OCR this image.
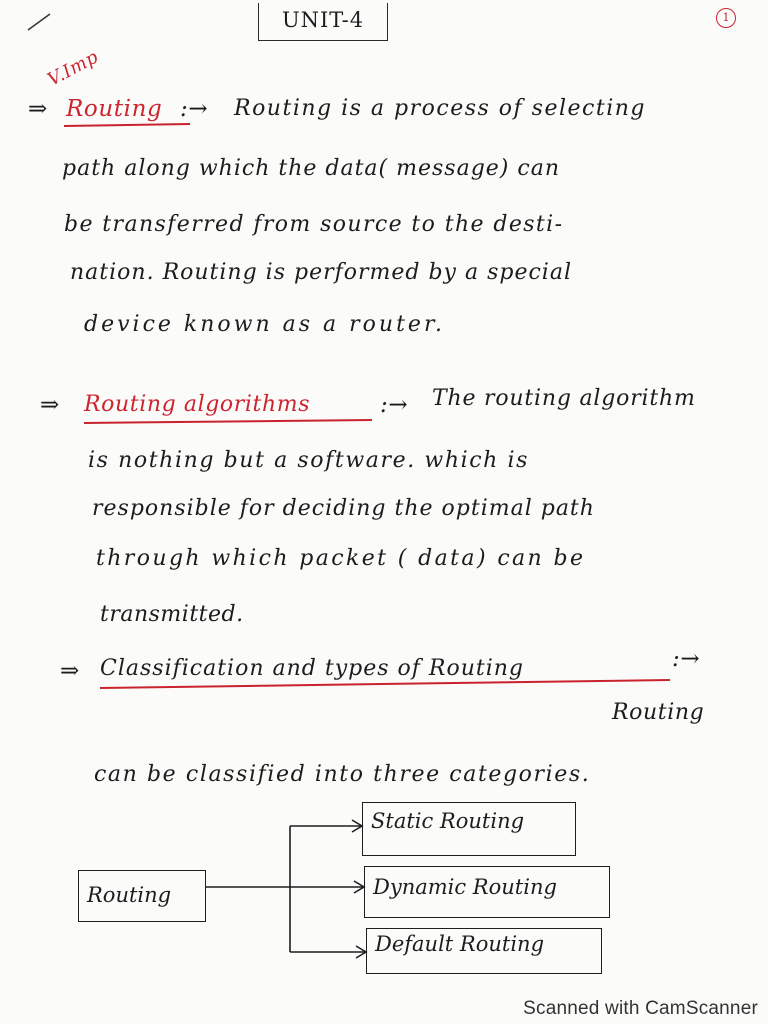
UNIT-4	1
V.Imp
⇒ Routing :→ Routing is a process of selecting
path along which the data( message) can
be transferred from source to the desti-
nation. Routing is performed by a special
device known as a router.
⇒ Routing algorithms	:→ The routing algorithm
is nothing but a software. which is
responsible for deciding the optimal path
through which packet ( data) can be
transmitted.
⇒ Classification and types of Routing	:→
Routing
can be classified into three categories.
Routing
Static Routing
Dynamic Routing
Default Routing
Scanned with CamScanner
